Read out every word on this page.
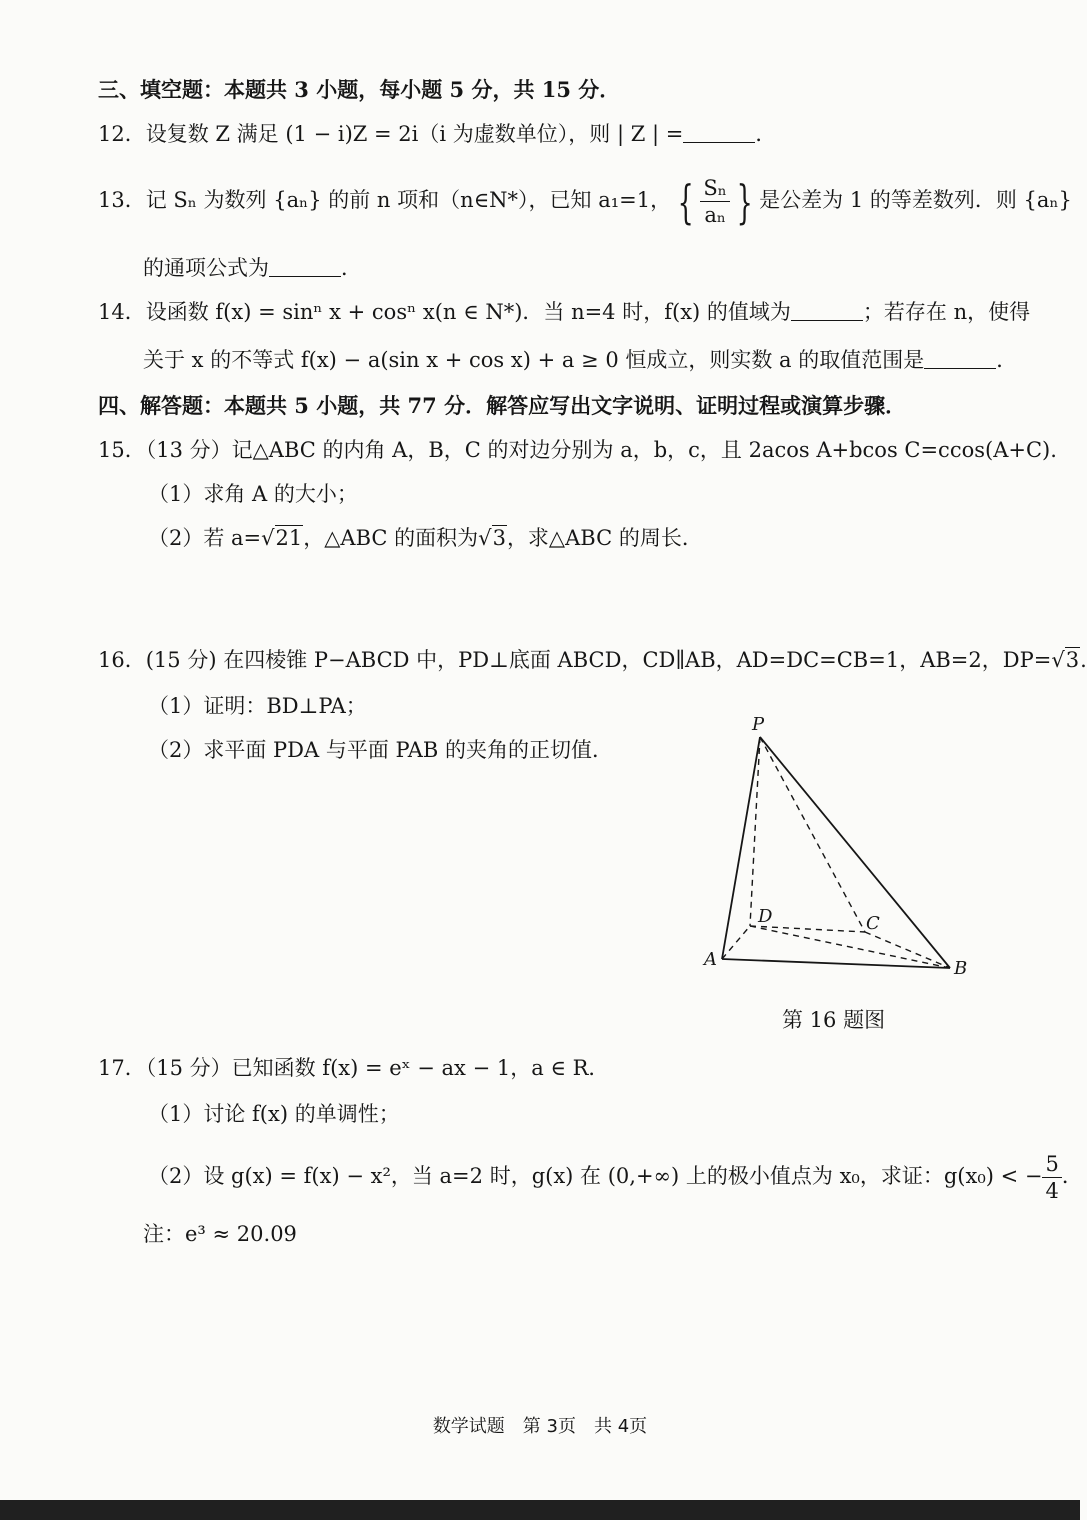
三、填空题：本题共 3 小题，每小题 5 分，共 15 分．
12．设复数 Z 满足 (1 − i)Z = 2i（i 为虚数单位），则 | Z | =	．
13．记 Sₙ 为数列 {aₙ} 的前 n 项和（n∈N*），已知 a₁=1， { $\frac{\text{Sₙ}}{\text{aₙ}}$ } 是公差为 1 的等差数列．则 {aₙ}
的通项公式为	．
14．设函数 f(x) = sinⁿ x + cosⁿ x(n ∈ N*)．当 n=4 时，f(x) 的值域为	；若存在 n，使得
关于 x 的不等式 f(x) − a(sin x + cos x) + a ≥ 0 恒成立，则实数 a 的取值范围是	．
四、解答题：本题共 5 小题，共 77 分．解答应写出文字说明、证明过程或演算步骤．
15．（13 分）记△ABC 的内角 A，B，C 的对边分别为 a，b，c，且 2acos A+bcos C=ccos(A+C).
（1）求角 A 的大小；
（2）若 a=√21，△ABC 的面积为√3，求△ABC 的周长．
16．(15 分) 在四棱锥 P−ABCD 中，PD⊥底面 ABCD，CD∥AB，AD=DC=CB=1，AB=2，DP=√3.
（1）证明：BD⊥PA；
（2）求平面 PDA 与平面 PAB 的夹角的正切值．
P
A	B
C
D
第 16 题图
17．（15 分）已知函数 f(x) = eˣ − ax − 1，a ∈ R．
（1）讨论 f(x) 的单调性；
（2）设 g(x) = f(x) − x²，当 a=2 时，g(x) 在 (0,+∞) 上的极小值点为 x₀，求证：g(x₀) < − $\frac{5}{4}$ ．
注：e³ ≈ 20.09
数学试题　第 3页　共 4页
